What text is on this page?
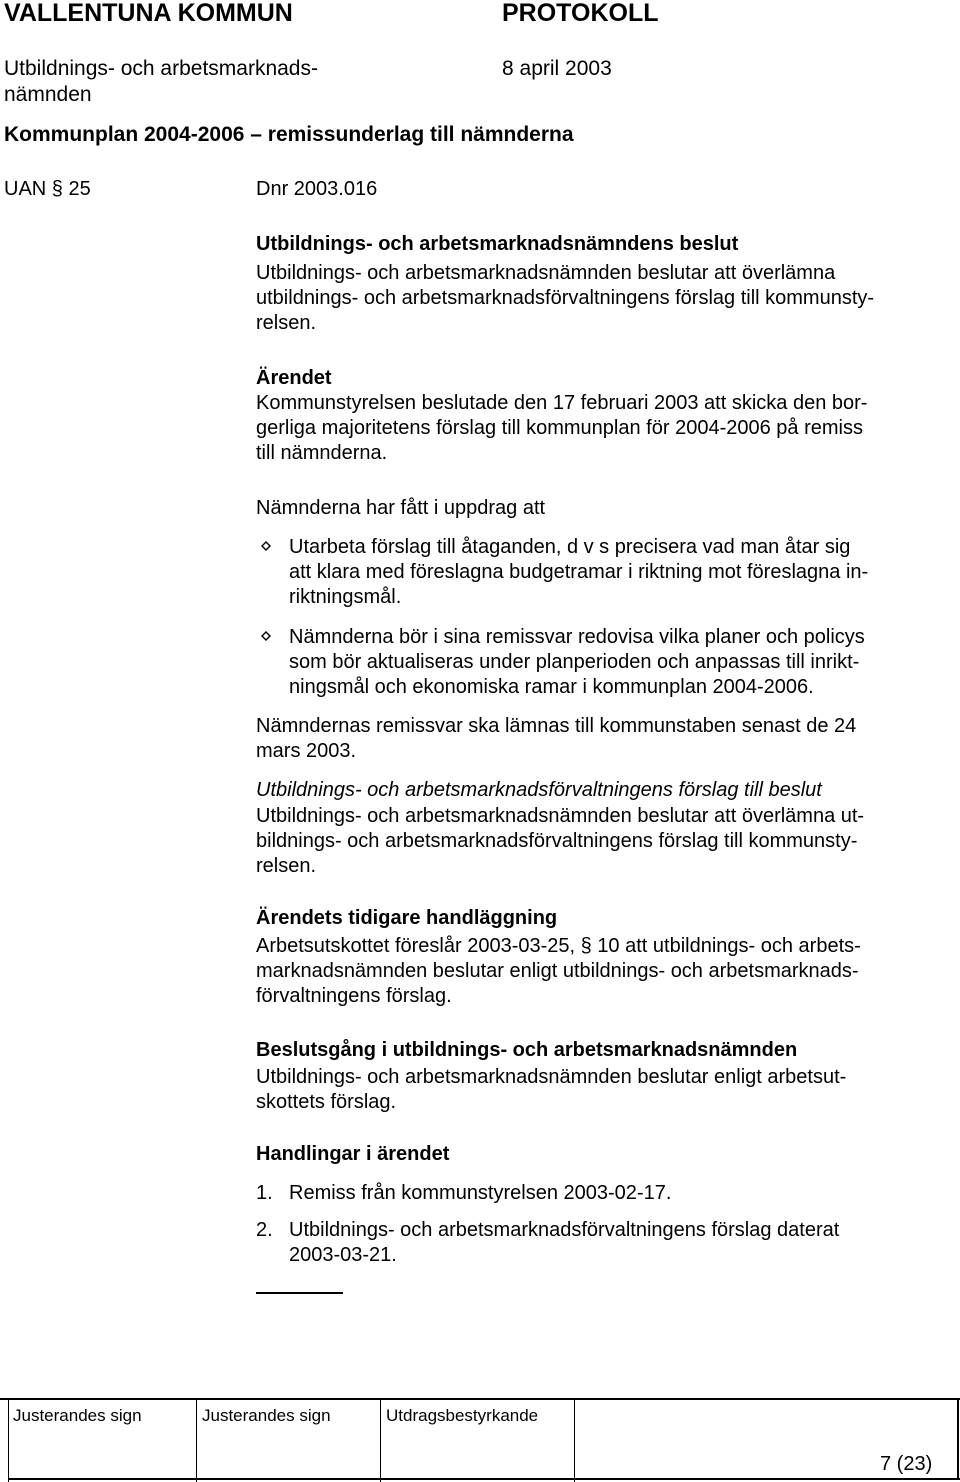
VALLENTUNA KOMMUN	PROTOKOLL
Utbildnings- och arbetsmarknads-
nämnden
8 april 2003
Kommunplan 2004-2006 – remissunderlag till nämnderna
UAN § 25	Dnr 2003.016
Utbildnings- och arbetsmarknadsnämndens beslut
Utbildnings- och arbetsmarknadsnämnden beslutar att överlämna
utbildnings- och arbetsmarknadsförvaltningens förslag till kommunsty-
relsen.
Ärendet
Kommunstyrelsen beslutade den 17 februari 2003 att skicka den bor-
gerliga majoritetens förslag till kommunplan för 2004-2006 på remiss
till nämnderna.
Nämnderna har fått i uppdrag att
Utarbeta förslag till åtaganden, d v s precisera vad man åtar sig
att klara med föreslagna budgetramar i riktning mot föreslagna in-
riktningsmål.
Nämnderna bör i sina remissvar redovisa vilka planer och policys
som bör aktualiseras under planperioden och anpassas till inrikt-
ningsmål och ekonomiska ramar i kommunplan 2004-2006.
Nämndernas remissvar ska lämnas till kommunstaben senast de 24
mars 2003.
Utbildnings- och arbetsmarknadsförvaltningens förslag till beslut
Utbildnings- och arbetsmarknadsnämnden beslutar att överlämna ut-
bildnings- och arbetsmarknadsförvaltningens förslag till kommunsty-
relsen.
Ärendets tidigare handläggning
Arbetsutskottet föreslår 2003-03-25, § 10 att utbildnings- och arbets-
marknadsnämnden beslutar enligt utbildnings- och arbetsmarknads-
förvaltningens förslag.
Beslutsgång i utbildnings- och arbetsmarknadsnämnden
Utbildnings- och arbetsmarknadsnämnden beslutar enligt arbetsut-
skottets förslag.
Handlingar i ärendet
1. Remiss från kommunstyrelsen 2003-02-17.
2. Utbildnings- och arbetsmarknadsförvaltningens förslag daterat
2003-03-21.
Justerandes sign	Justerandes sign	Utdragsbestyrkande
7 (23)
